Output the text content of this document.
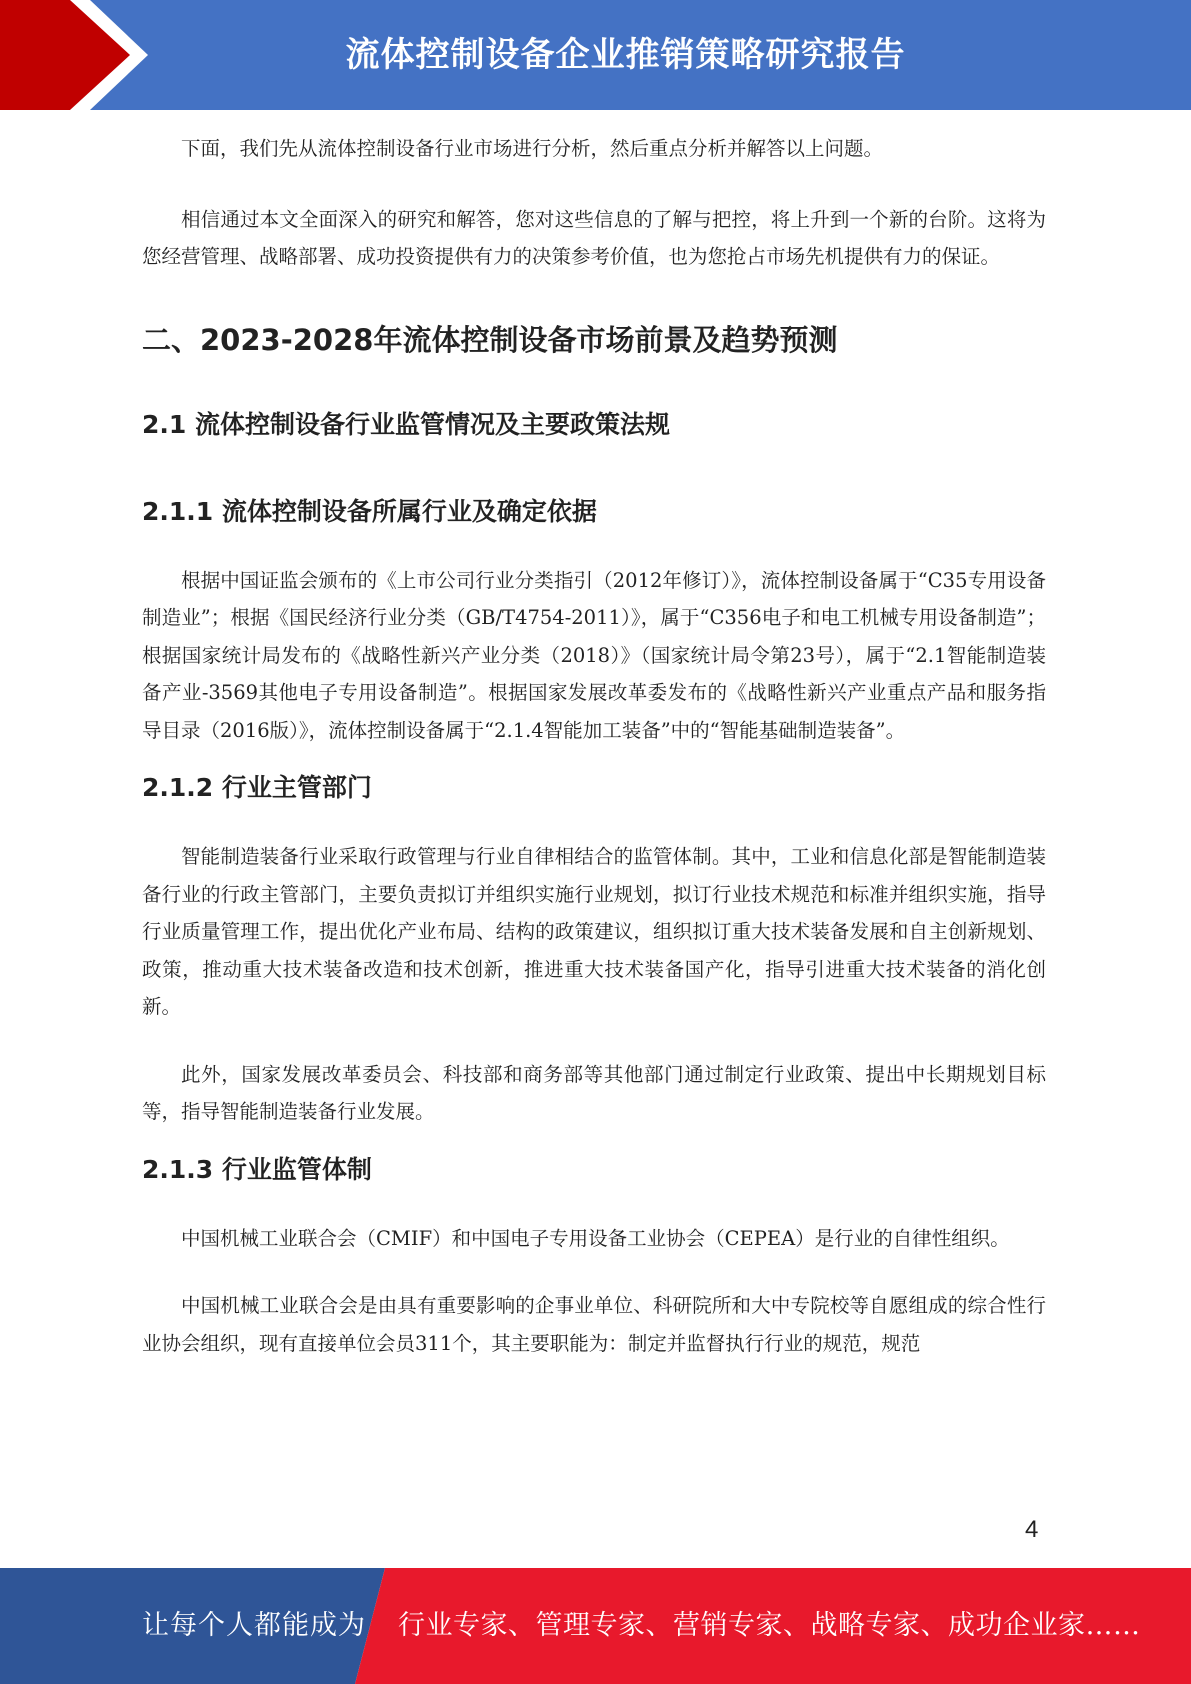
流体控制设备企业推销策略研究报告

下面，我们先从流体控制设备行业市场进行分析，然后重点分析并解答以上问题。

相信通过本文全面深入的研究和解答，您对这些信息的了解与把控，将上升到一个新的台阶。这将为您经营管理、战略部署、成功投资提供有力的决策参考价值，也为您抢占市场先机提供有力的保证。

二、2023-2028年流体控制设备市场前景及趋势预测
2.1 流体控制设备行业监管情况及主要政策法规
2.1.1 流体控制设备所属行业及确定依据

根据中国证监会颁布的《上市公司行业分类指引（2012年修订）》，流体控制设备属于“C35专用设备制造业”；根据《国民经济行业分类（GB/T4754-2011）》，属于“C356电子和电工机械专用设备制造”；根据国家统计局发布的《战略性新兴产业分类（2018）》（国家统计局令第23号），属于“2.1智能制造装备产业-3569其他电子专用设备制造”。根据国家发展改革委发布的《战略性新兴产业重点产品和服务指导目录（2016版）》，流体控制设备属于“2.1.4智能加工装备”中的“智能基础制造装备”。

2.1.2 行业主管部门

智能制造装备行业采取行政管理与行业自律相结合的监管体制。其中，工业和信息化部是智能制造装备行业的行政主管部门，主要负责拟订并组织实施行业规划，拟订行业技术规范和标准并组织实施，指导行业质量管理工作，提出优化产业布局、结构的政策建议，组织拟订重大技术装备发展和自主创新规划、政策，推动重大技术装备改造和技术创新，推进重大技术装备国产化，指导引进重大技术装备的消化创新。

此外，国家发展改革委员会、科技部和商务部等其他部门通过制定行业政策、提出中长期规划目标等，指导智能制造装备行业发展。

2.1.3 行业监管体制

中国机械工业联合会（CMIF）和中国电子专用设备工业协会（CEPEA）是行业的自律性组织。

中国机械工业联合会是由具有重要影响的企事业单位、科研院所和大中专院校等自愿组成的综合性行业协会组织，现有直接单位会员311个，其主要职能为：制定并监督执行行业的规范，规范

4
让每个人都能成为 行业专家、管理专家、营销专家、战略专家、成功企业家……
